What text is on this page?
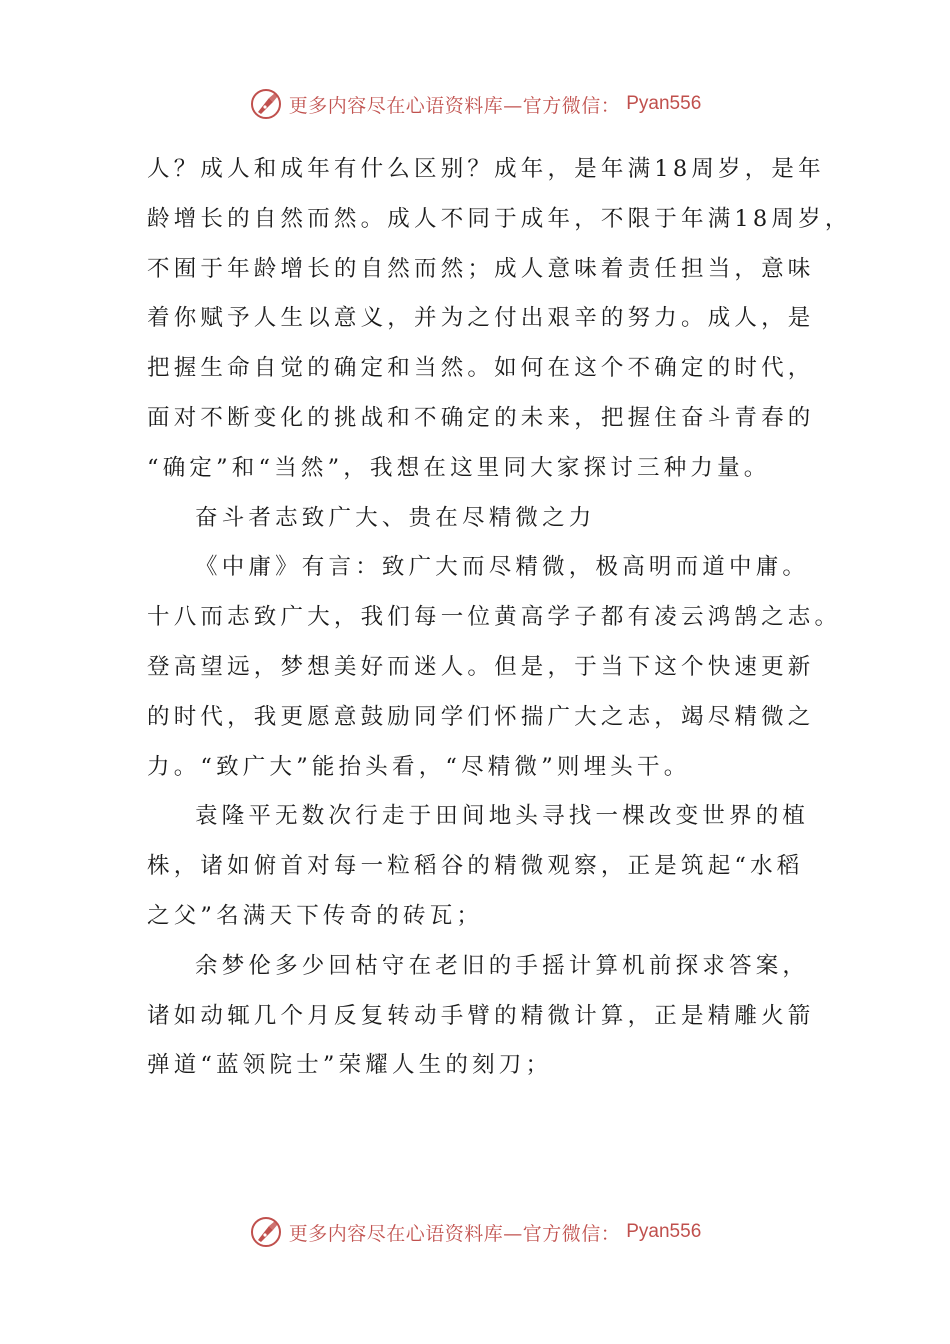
更多内容尽在心语资料库—官方微信： Pyan556
人？成人和成年有什么区别？成年，是年满18周岁，是年
龄增长的自然而然。成人不同于成年，不限于年满18周岁，
不囿于年龄增长的自然而然；成人意味着责任担当，意味
着你赋予人生以意义，并为之付出艰辛的努力。成人，是
把握生命自觉的确定和当然。如何在这个不确定的时代，
面对不断变化的挑战和不确定的未来，把握住奋斗青春的
“确定”和“当然”，我想在这里同大家探讨三种力量。
奋斗者志致广大、贵在尽精微之力
《中庸》有言：致广大而尽精微，极高明而道中庸。
十八而志致广大，我们每一位黄高学子都有凌云鸿鹄之志。
登高望远，梦想美好而迷人。但是，于当下这个快速更新
的时代，我更愿意鼓励同学们怀揣广大之志，竭尽精微之
力。“致广大”能抬头看，“尽精微”则埋头干。
袁隆平无数次行走于田间地头寻找一棵改变世界的植
株，诸如俯首对每一粒稻谷的精微观察，正是筑起“水稻
之父”名满天下传奇的砖瓦；
余梦伦多少回枯守在老旧的手摇计算机前探求答案，
诸如动辄几个月反复转动手臂的精微计算，正是精雕火箭
弹道“蓝领院士”荣耀人生的刻刀；
更多内容尽在心语资料库—官方微信： Pyan556
